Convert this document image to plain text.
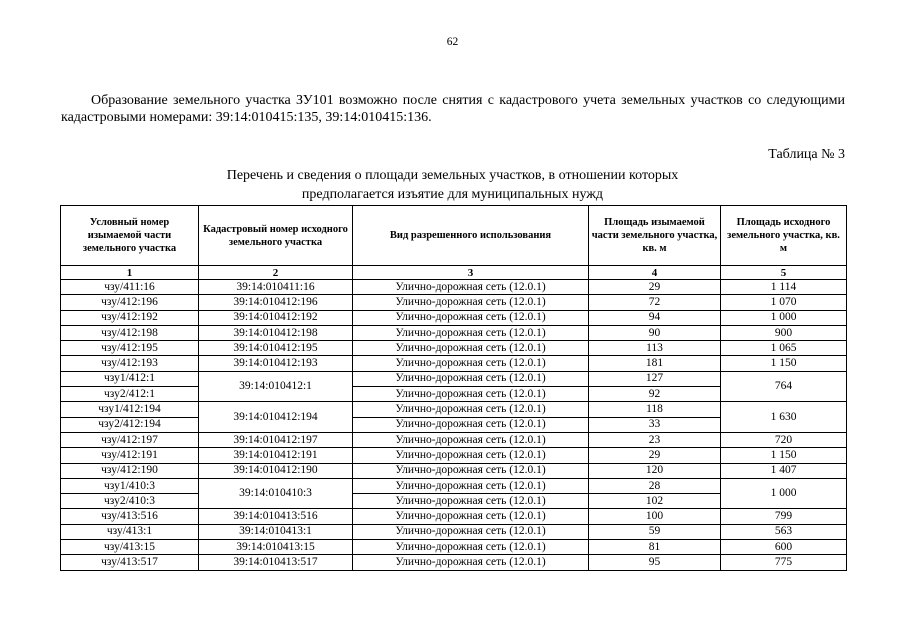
62

Образование земельного участка ЗУ101 возможно после снятия с кадастрового учета земельных участков со следующими кадастровыми номерами: 39:14:010415:135, 39:14:010415:136.

Таблица № 3
Перечень и сведения о площади земельных участков, в отношении которых
предполагается изъятие для муниципальных нужд
Условный номер изымаемой части земельного участка	Кадастровый номер исходного земельного участка	Вид разрешенного использования	Площадь изымаемой части земельного участка, кв. м	Площадь исходного земельного участка, кв. м
1	2	3	4	5
чзу/411:16	39:14:010411:16	Улично-дорожная сеть (12.0.1)	29	1 114
чзу/412:196	39:14:010412:196	Улично-дорожная сеть (12.0.1)	72	1 070
чзу/412:192	39:14:010412:192	Улично-дорожная сеть (12.0.1)	94	1 000
чзу/412:198	39:14:010412:198	Улично-дорожная сеть (12.0.1)	90	900
чзу/412:195	39:14:010412:195	Улично-дорожная сеть (12.0.1)	113	1 065
чзу/412:193	39:14:010412:193	Улично-дорожная сеть (12.0.1)	181	1 150
чзу1/412:1	39:14:010412:1	Улично-дорожная сеть (12.0.1)	127	764
чзу2/412:1		Улично-дорожная сеть (12.0.1)	92	
чзу1/412:194	39:14:010412:194	Улично-дорожная сеть (12.0.1)	118	1 630
чзу2/412:194		Улично-дорожная сеть (12.0.1)	33	
чзу/412:197	39:14:010412:197	Улично-дорожная сеть (12.0.1)	23	720
чзу/412:191	39:14:010412:191	Улично-дорожная сеть (12.0.1)	29	1 150
чзу/412:190	39:14:010412:190	Улично-дорожная сеть (12.0.1)	120	1 407
чзу1/410:3	39:14:010410:3	Улично-дорожная сеть (12.0.1)	28	1 000
чзу2/410:3		Улично-дорожная сеть (12.0.1)	102	
чзу/413:516	39:14:010413:516	Улично-дорожная сеть (12.0.1)	100	799
чзу/413:1	39:14:010413:1	Улично-дорожная сеть (12.0.1)	59	563
чзу/413:15	39:14:010413:15	Улично-дорожная сеть (12.0.1)	81	600
чзу/413:517	39:14:010413:517	Улично-дорожная сеть (12.0.1)	95	775
